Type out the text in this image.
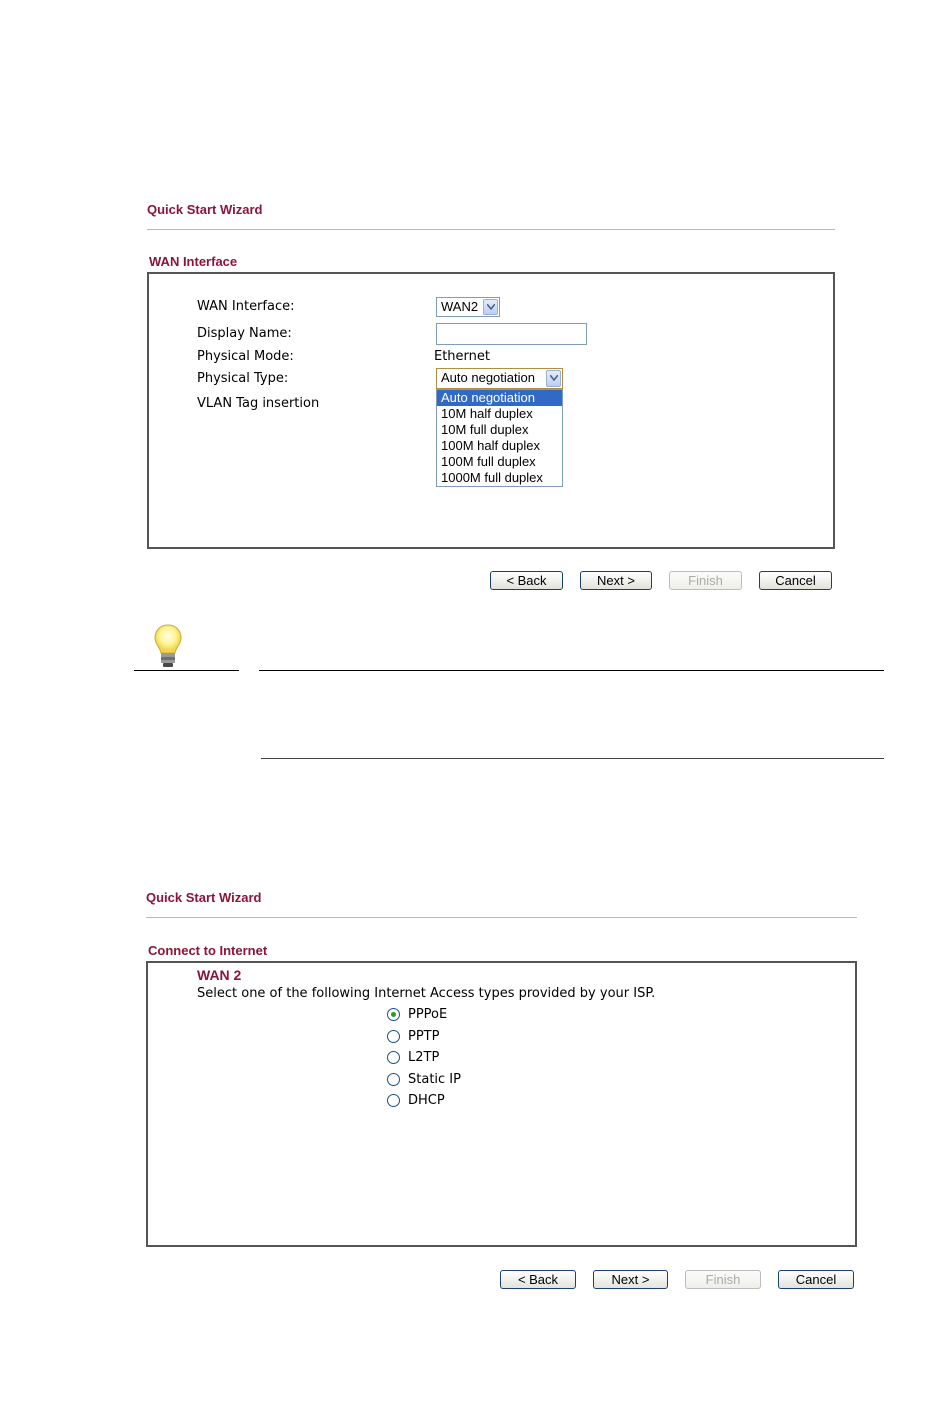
Quick Start Wizard
WAN Interface
WAN Interface:	WAN2
Display Name:
Physical Mode:	Ethernet
Physical Type:	Auto negotiation
Auto negotiation
10M half duplex
10M full duplex
100M half duplex
100M full duplex
1000M full duplex
VLAN Tag insertion
< Back	Next >	Finish	Cancel
Quick Start Wizard
Connect to Internet
WAN 2
Select one of the following Internet Access types provided by your ISP.
PPPoE
PPTP
L2TP
Static IP
DHCP
< Back	Next >	Finish	Cancel
